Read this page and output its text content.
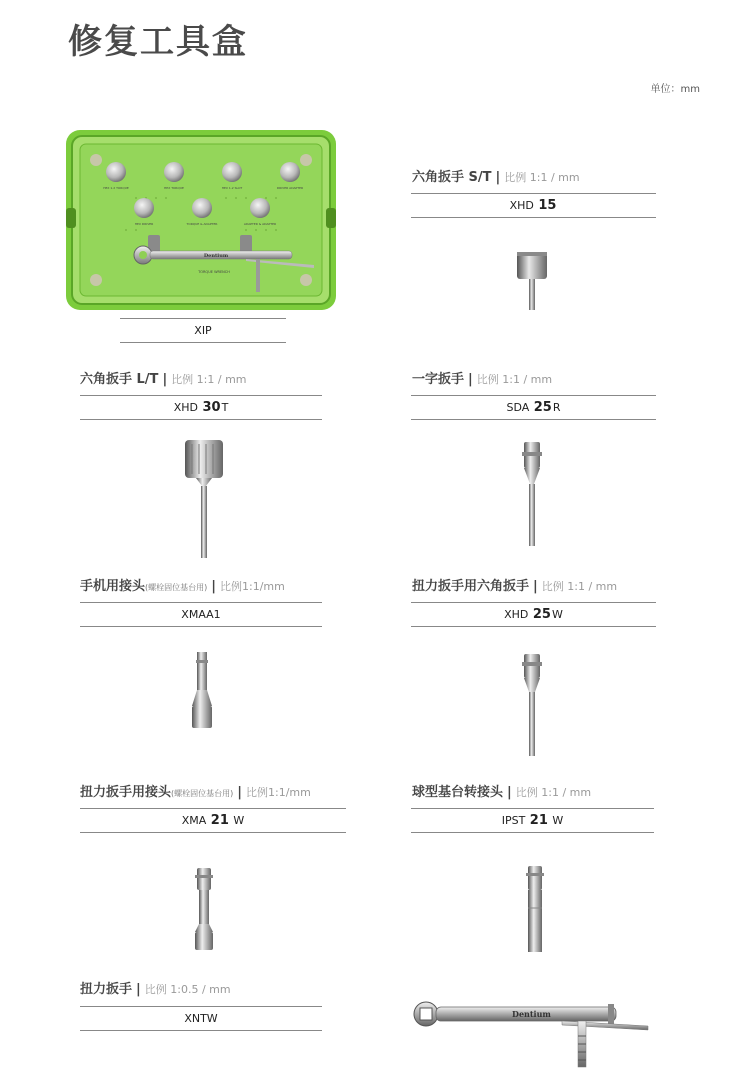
修复工具盒
单位：mm
HEX 1.2 TORQUE	HEX TORQUE	HEX 1.2 SLOT	DRIVER ADAPTER
HEX DRIVER	TORQUE & ADAPTER	ADAPTER & ADAPTER
Dentium
TORQUE WRENCH
XIP
六角扳手 S/T | 比例 1:1 / mm
XHD
15
六角扳手 L/T | 比例 1:1 / mm
XHD
30 T
一字扳手 | 比例 1:1 / mm
SDA
25 R
手机用接头(螺栓固位基台用) | 比例1:1/mm
XMAA1
扭力扳手用六角扳手 | 比例 1:1 / mm
XHD
25 W
扭力扳手用接头(螺栓固位基台用) | 比例1:1/mm
XMA
21
W
球型基台转接头 | 比例 1:1 / mm
IPST
21
W
扭力扳手 | 比例 1:0.5 / mm
XNTW	Dentium
